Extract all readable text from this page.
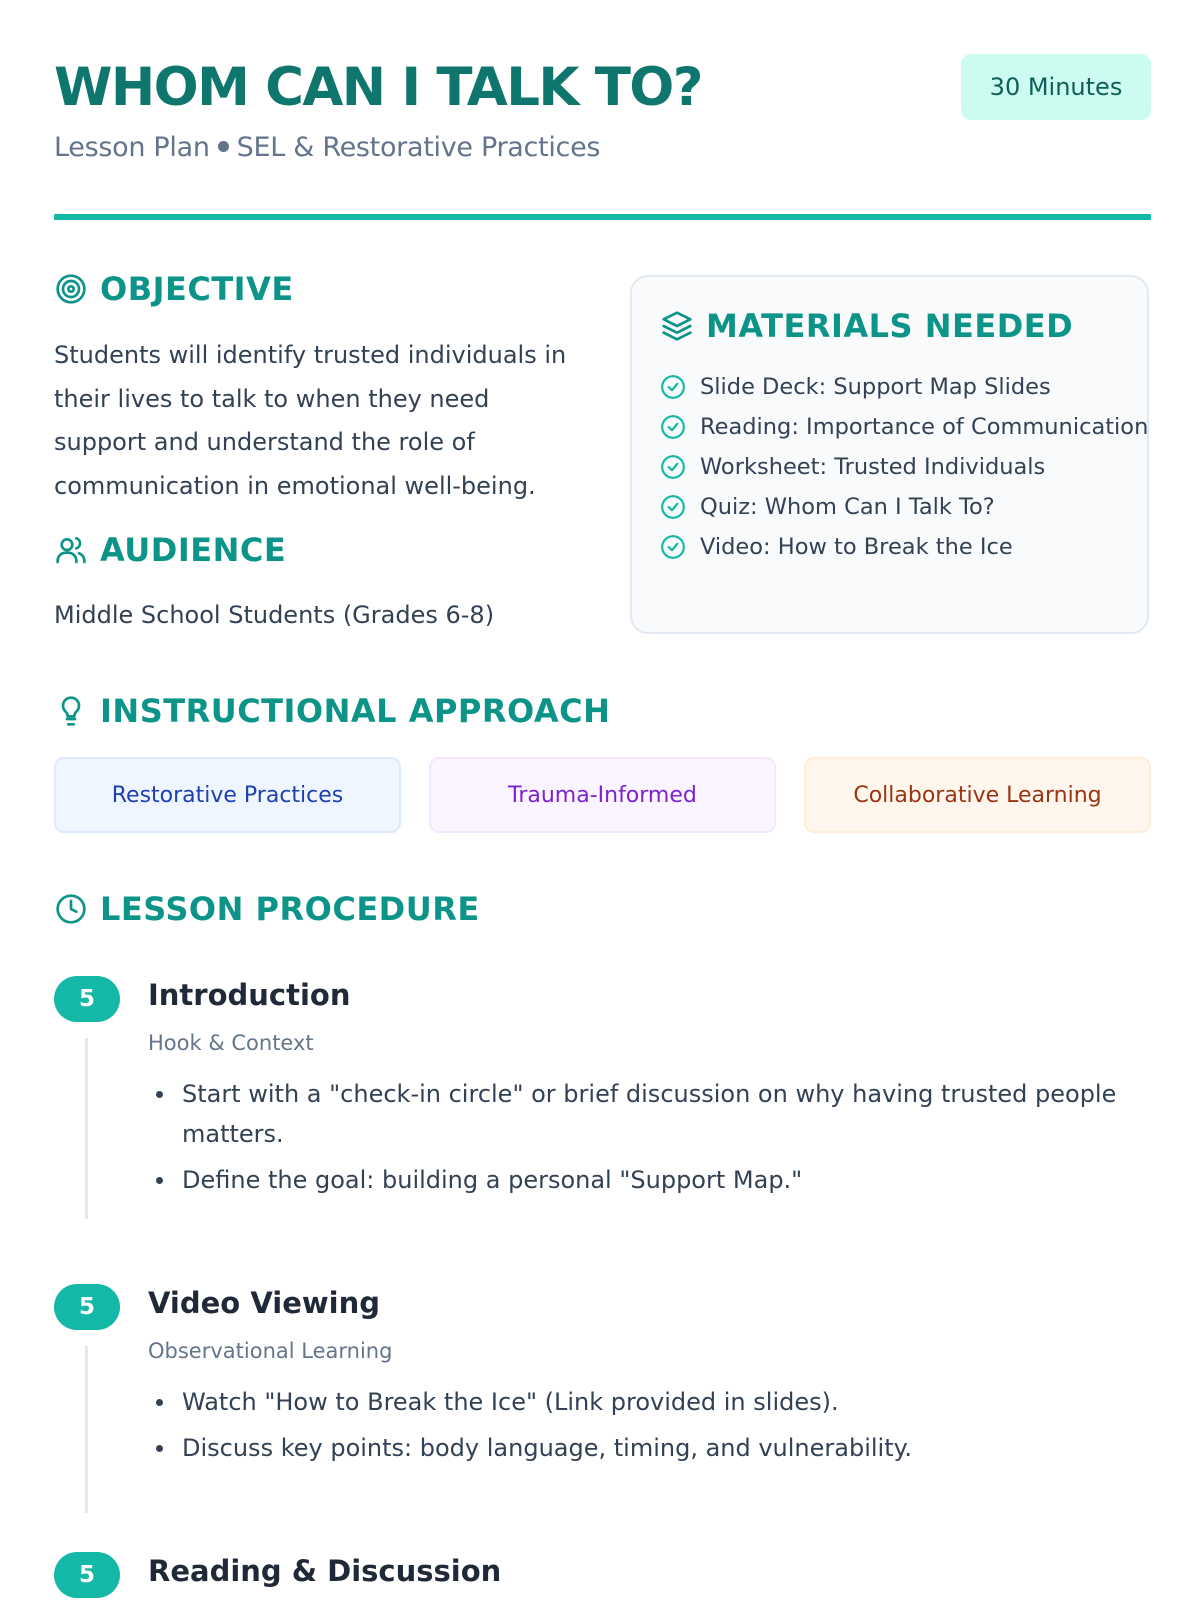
WHOM CAN I TALK TO?
Lesson Plan SEL & Restorative Practices
30 Minutes
OBJECTIVE
Students will identify trusted individuals in their lives to talk to when they need support and understand the role of communication in emotional well-being.
AUDIENCE
Middle School Students (Grades 6-8)
MATERIALS NEEDED
Slide Deck: Support Map Slides
Reading: Importance of Communication
Worksheet: Trusted Individuals
Quiz: Whom Can I Talk To?
Video: How to Break the Ice
INSTRUCTIONAL APPROACH
Restorative Practices	Trauma-Informed	Collaborative Learning
LESSON PROCEDURE
5	Introduction
Hook & Context
Start with a "check-in circle" or brief discussion on why having trusted people matters.
Define the goal: building a personal "Support Map."
5	Video Viewing
Observational Learning
Watch "How to Break the Ice" (Link provided in slides).
Discuss key points: body language, timing, and vulnerability.
5	Reading & Discussion
